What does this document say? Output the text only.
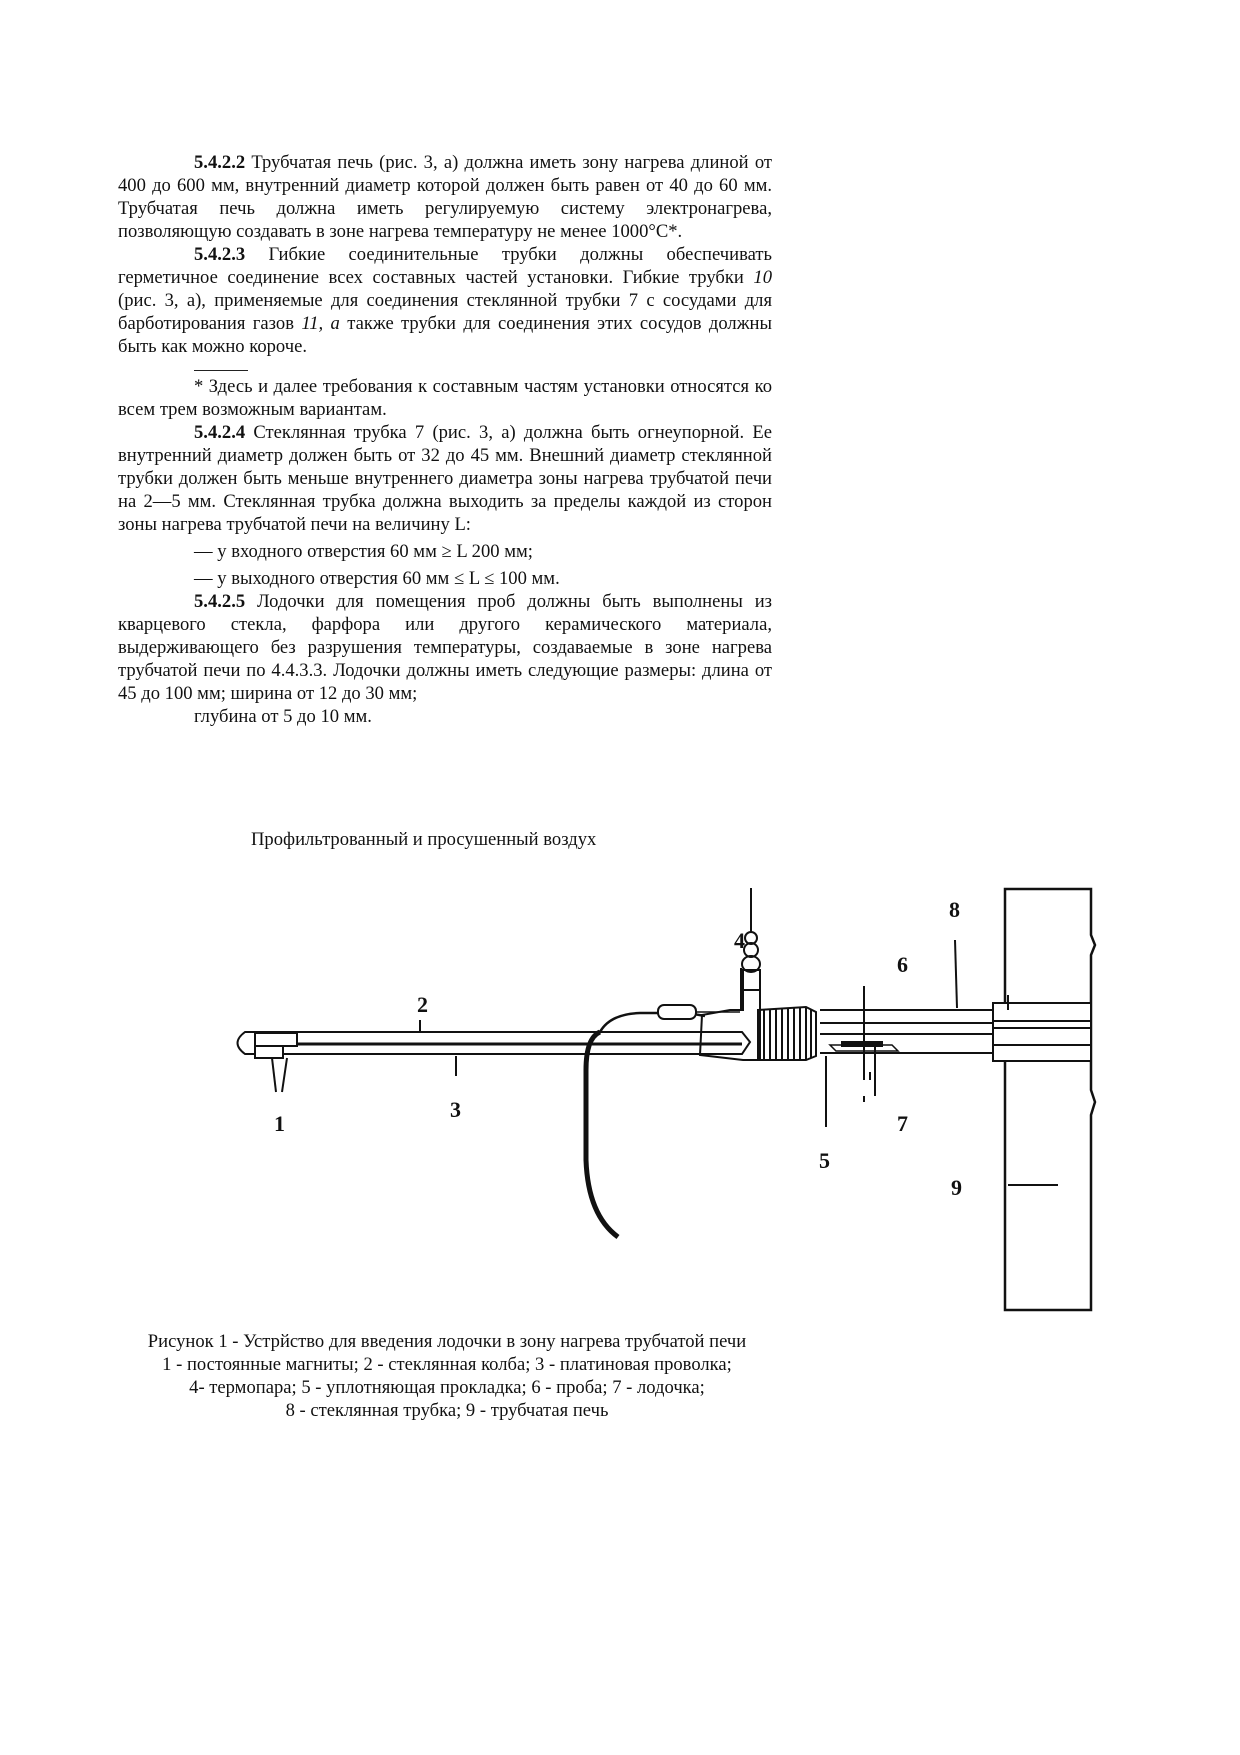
5.4.2.2 Трубчатая печь (рис. 3, а) должна иметь зону нагрева длиной от 400 до 600 мм, внутренний диаметр которой должен быть равен от 40 до 60 мм. Трубчатая печь должна иметь регулируемую систему электронагрева, позволяющую создавать в зоне нагрева температуру не менее 1000°С*.

5.4.2.3 Гибкие соединительные трубки должны обеспечивать герметичное соединение всех составных частей установки. Гибкие трубки 10 (рис. 3, а), применяемые для соединения стеклянной трубки 7 с сосудами для барботирования газов 11, а также трубки для соединения этих сосудов должны быть как можно короче.

* Здесь и далее требования к составным частям установки относятся ко всем трем возможным вариантам.

5.4.2.4 Стеклянная трубка 7 (рис. 3, а) должна быть огнеупорной. Ее внутренний диаметр должен быть от 32 до 45 мм. Внешний диаметр стеклянной трубки должен быть меньше внутреннего диаметра зоны нагрева трубчатой печи на 2—5 мм. Стеклянная трубка должна выходить за пределы каждой из сторон зоны нагрева трубчатой печи на величину L:

— у входного отверстия 60 мм ≥ L 200 мм;

— у выходного отверстия 60 мм ≤ L ≤ 100 мм.

5.4.2.5 Лодочки для помещения проб должны быть выполнены из кварцевого стекла, фарфора или другого керамического материала, выдерживающего без разрушения температуры, создаваемые в зоне нагрева трубчатой печи по 4.4.3.3. Лодочки должны иметь следующие размеры: длина от 45 до 100 мм; ширина от 12 до 30 мм;

глубина от 5 до 10 мм.

Профильтрованный и просушенный воздух
1
2
3
4
5
6
7
8
9

Рисунок 1 - Устрйство для введения лодочки в зону нагрева трубчатой печи

1 - постоянные магниты; 2 - стеклянная колба; 3 - платиновая проволка;

4- термопара; 5 - уплотняющая прокладка; 6 - проба; 7 - лодочка;

8 - стеклянная трубка; 9 - трубчатая печь
